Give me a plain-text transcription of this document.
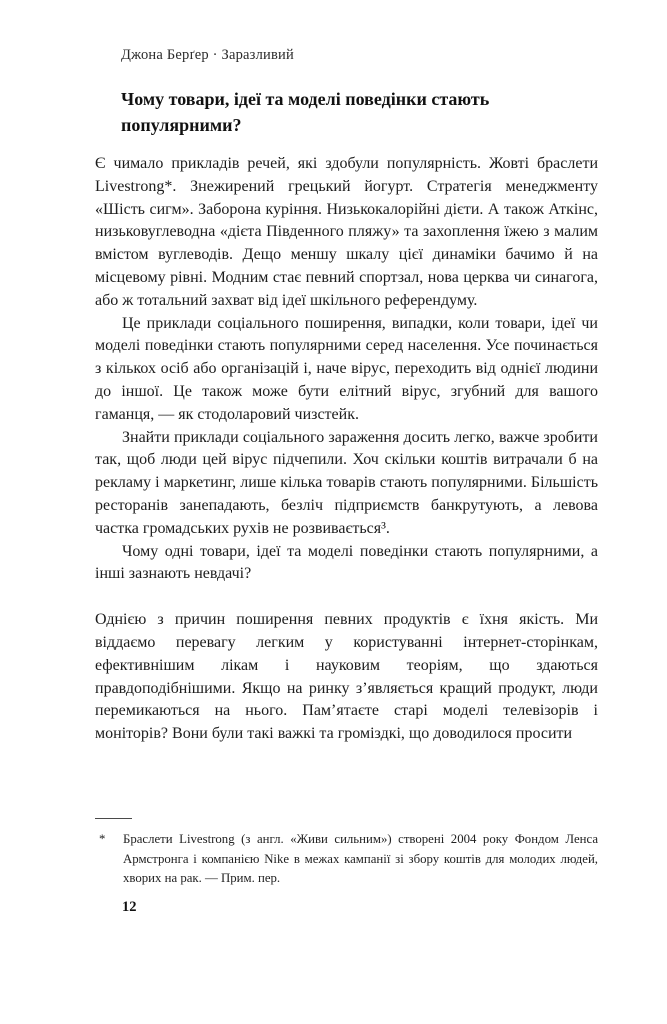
Джона Берґер · Заразливий
Чому товари, ідеї та моделі поведінки стають популярними?

Є чимало прикладів речей, які здобули популярність. Жовті браслети Livestrong*. Знежирений грецький йогурт. Стратегія менеджменту «Шість сигм». Заборона куріння. Низькокалорійні дієти. А також Аткінс, низьковуглеводна «дієта Південного пляжу» та захоплення їжею з малим вмістом вуглеводів. Дещо меншу шкалу цієї динаміки бачимо й на місцевому рівні. Модним стає певний спортзал, нова церква чи синагога, або ж тотальний захват від ідеї шкільного референдуму.

Це приклади соціального поширення, випадки, коли товари, ідеї чи моделі поведінки стають популярними серед населення. Усе починається з кількох осіб або організацій і, наче вірус, переходить від однієї людини до іншої. Це також може бути елітний вірус, згубний для вашого гаманця, — як стодоларовий чизстейк.

Знайти приклади соціального зараження досить легко, важче зробити так, щоб люди цей вірус підчепили. Хоч скільки коштів витрачали б на рекламу і маркетинг, лише кілька товарів стають популярними. Більшість ресторанів занепадають, безліч підприємств банкрутують, а левова частка громадських рухів не розвивається³.

Чому одні товари, ідеї та моделі поведінки стають популярними, а інші зазнають невдачі?

Однією з причин поширення певних продуктів є їхня якість. Ми віддаємо перевагу легким у користуванні інтернет-сторінкам, ефективнішим лікам і науковим теоріям, що здаються правдоподібнішими. Якщо на ринку з’являється кращий продукт, люди перемикаються на нього. Пам’ятаєте старі моделі телевізорів і моніторів? Вони були такі важкі та громіздкі, що доводилося просити

* Браслети Livestrong (з англ. «Живи сильним») створені 2004 року Фондом Ленса Армстронга і компанією Nike в межах кампанії зі збору коштів для молодих людей, хворих на рак. — Прим. пер.
12
